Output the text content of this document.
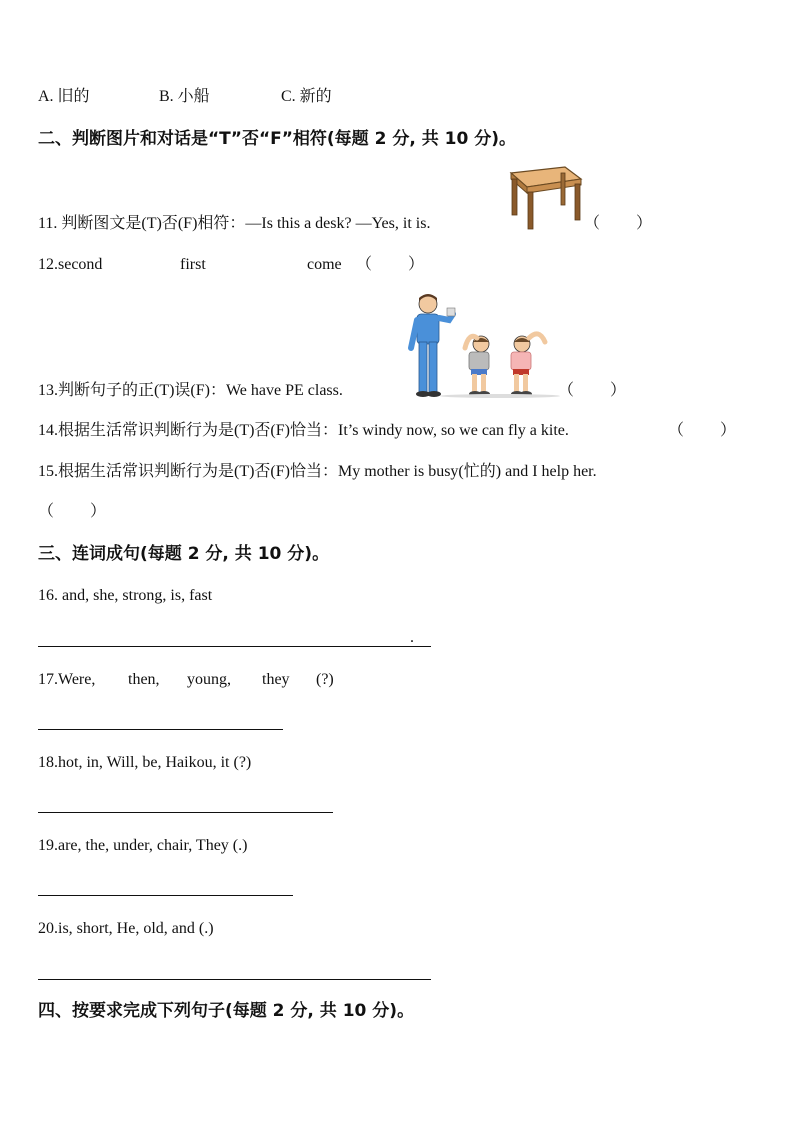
A. 旧的	B. 小船	C. 新的
二、判断图片和对话是“T”否“F”相符(每题 2 分, 共 10 分)。
11. 判断图文是(T)否(F)相符：—Is this a desk? —Yes, it is.	（         ）
12.second	first	come （         ）
13.判断句子的正(T)误(F)：We have PE class.	（         ）
14.根据生活常识判断行为是(T)否(F)恰当：It’s windy now, so we can fly a kite.	（         ）
15.根据生活常识判断行为是(T)否(F)恰当：My mother is busy(忙的) and I help her.
（         ）
三、连词成句(每题 2 分, 共 10 分)。
16. and, she, strong, is, fast
.
17.Were, then, young, they (?)
18.hot, in, Will, be, Haikou, it (?)
19.are, the, under, chair, They (.)
20.is, short, He, old, and (.)
四、按要求完成下列句子(每题 2 分, 共 10 分)。
